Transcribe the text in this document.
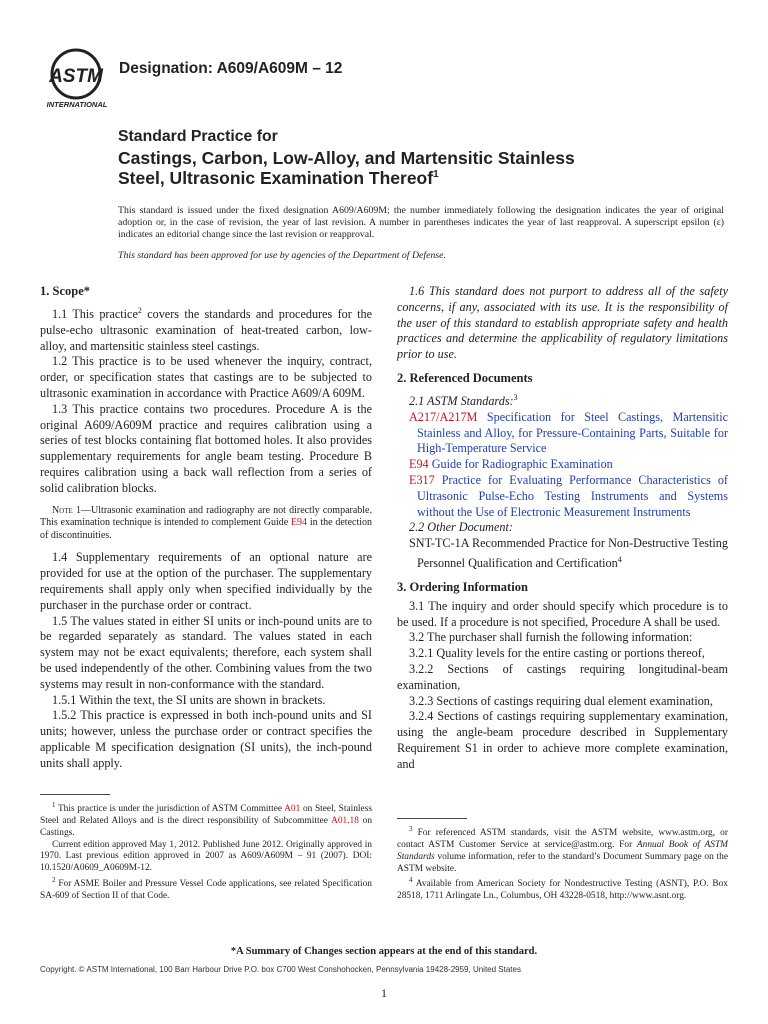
ASTM
INTERNATIONAL
Designation: A609/A609M – 12
Standard Practice for
Castings, Carbon, Low-Alloy, and Martensitic Stainless
Steel, Ultrasonic Examination Thereof$^1$

This standard is issued under the fixed designation A609/A609M; the number immediately following the designation indicates the year of original adoption or, in the case of revision, the year of last revision. A number in parentheses indicates the year of last reapproval. A superscript epsilon (ε) indicates an editorial change since the last revision or reapproval.

This standard has been approved for use by agencies of the Department of Defense.

1. Scope*

1.1 This practice$^2$ covers the standards and procedures for the pulse-echo ultrasonic examination of heat-treated carbon, low-alloy, and martensitic stainless steel castings.

1.2 This practice is to be used whenever the inquiry, contract, order, or specification states that castings are to be subjected to ultrasonic examination in accordance with Practice A609/A 609M.

1.3 This practice contains two procedures. Procedure A is the original A609/A609M practice and requires calibration using a series of test blocks containing flat bottomed holes. It also provides supplementary requirements for angle beam testing. Procedure B requires calibration using a back wall reflection from a series of solid calibration blocks.

Note 1—Ultrasonic examination and radiography are not directly comparable. This examination technique is intended to complement Guide E94 in the detection of discontinuities.

1.4 Supplementary requirements of an optional nature are provided for use at the option of the purchaser. The supplementary requirements shall apply only when specified individually by the purchaser in the purchase order or contract.

1.5 The values stated in either SI units or inch-pound units are to be regarded separately as standard. The values stated in each system may not be exact equivalents; therefore, each system shall be used independently of the other. Combining values from the two systems may result in non-conformance with the standard.

1.5.1 Within the text, the SI units are shown in brackets.

1.5.2 This practice is expressed in both inch-pound units and SI units; however, unless the purchase order or contract specifies the applicable M specification designation (SI units), the inch-pound units shall apply.

1.6 This standard does not purport to address all of the safety concerns, if any, associated with its use. It is the responsibility of the user of this standard to establish appropriate safety and health practices and determine the applicability of regulatory limitations prior to use.

2. Referenced Documents

2.1 ASTM Standards:$^3$

A217/A217M Specification for Steel Castings, Martensitic Stainless and Alloy, for Pressure-Containing Parts, Suitable for High-Temperature Service

E94 Guide for Radiographic Examination

E317 Practice for Evaluating Performance Characteristics of Ultrasonic Pulse-Echo Testing Instruments and Systems without the Use of Electronic Measurement Instruments

2.2 Other Document:

SNT-TC-1A Recommended Practice for Non-Destructive Testing Personnel Qualification and Certification$^4$

3. Ordering Information

3.1 The inquiry and order should specify which procedure is to be used. If a procedure is not specified, Procedure A shall be used.

3.2 The purchaser shall furnish the following information:

3.2.1 Quality levels for the entire casting or portions thereof,

3.2.2 Sections of castings requiring longitudinal-beam examination,

3.2.3 Sections of castings requiring dual element examination,

3.2.4 Sections of castings requiring supplementary examination, using the angle-beam procedure described in Supplementary Requirement S1 in order to achieve more complete examination, and

$^1$ This practice is under the jurisdiction of ASTM Committee A01 on Steel, Stainless Steel and Related Alloys and is the direct responsibility of Subcommittee A01.18 on Castings.

Current edition approved May 1, 2012. Published June 2012. Originally approved in 1970. Last previous edition approved in 2007 as A609/A609M – 91 (2007). DOI: 10.1520/A0609_A0609M-12.

$^2$ For ASME Boiler and Pressure Vessel Code applications, see related Specification SA-609 of Section II of that Code.

$^3$ For referenced ASTM standards, visit the ASTM website, www.astm.org, or contact ASTM Customer Service at service@astm.org. For Annual Book of ASTM Standards volume information, refer to the standard’s Document Summary page on the ASTM website.

$^4$ Available from American Society for Nondestructive Testing (ASNT), P.O. Box 28518, 1711 Arlingate Ln., Columbus, OH 43228-0518, http://www.asnt.org.

*A Summary of Changes section appears at the end of this standard.
Copyright. © ASTM International, 100 Barr Harbour Drive P.O. box C700 West Conshohocken, Pennsylvania 19428-2959, United States
1
